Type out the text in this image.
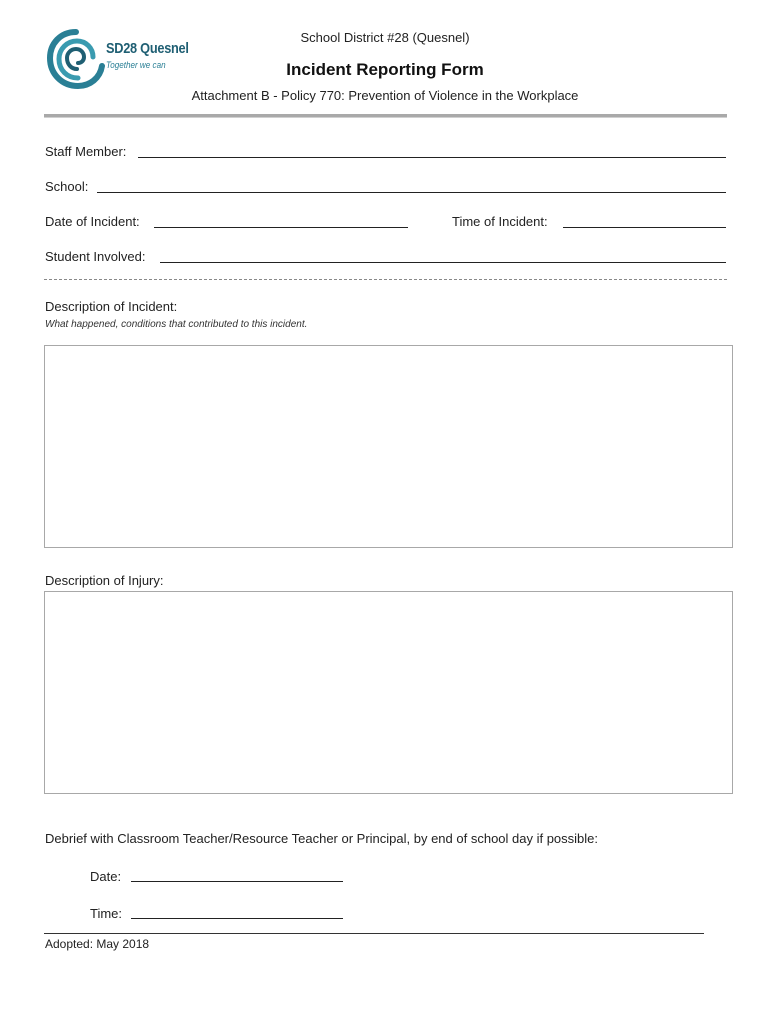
SD28 Quesnel
Together we can
School District #28 (Quesnel)
Incident Reporting Form
Attachment B - Policy 770: Prevention of Violence in the Workplace
Staff Member:
School:
Date of Incident:	Time of Incident:
Student Involved:
Description of Incident:
What happened, conditions that contributed to this incident.
Description of Injury:
Debrief with Classroom Teacher/Resource Teacher or Principal, by end of school day if possible:
Date:
Time:
Adopted: May 2018
